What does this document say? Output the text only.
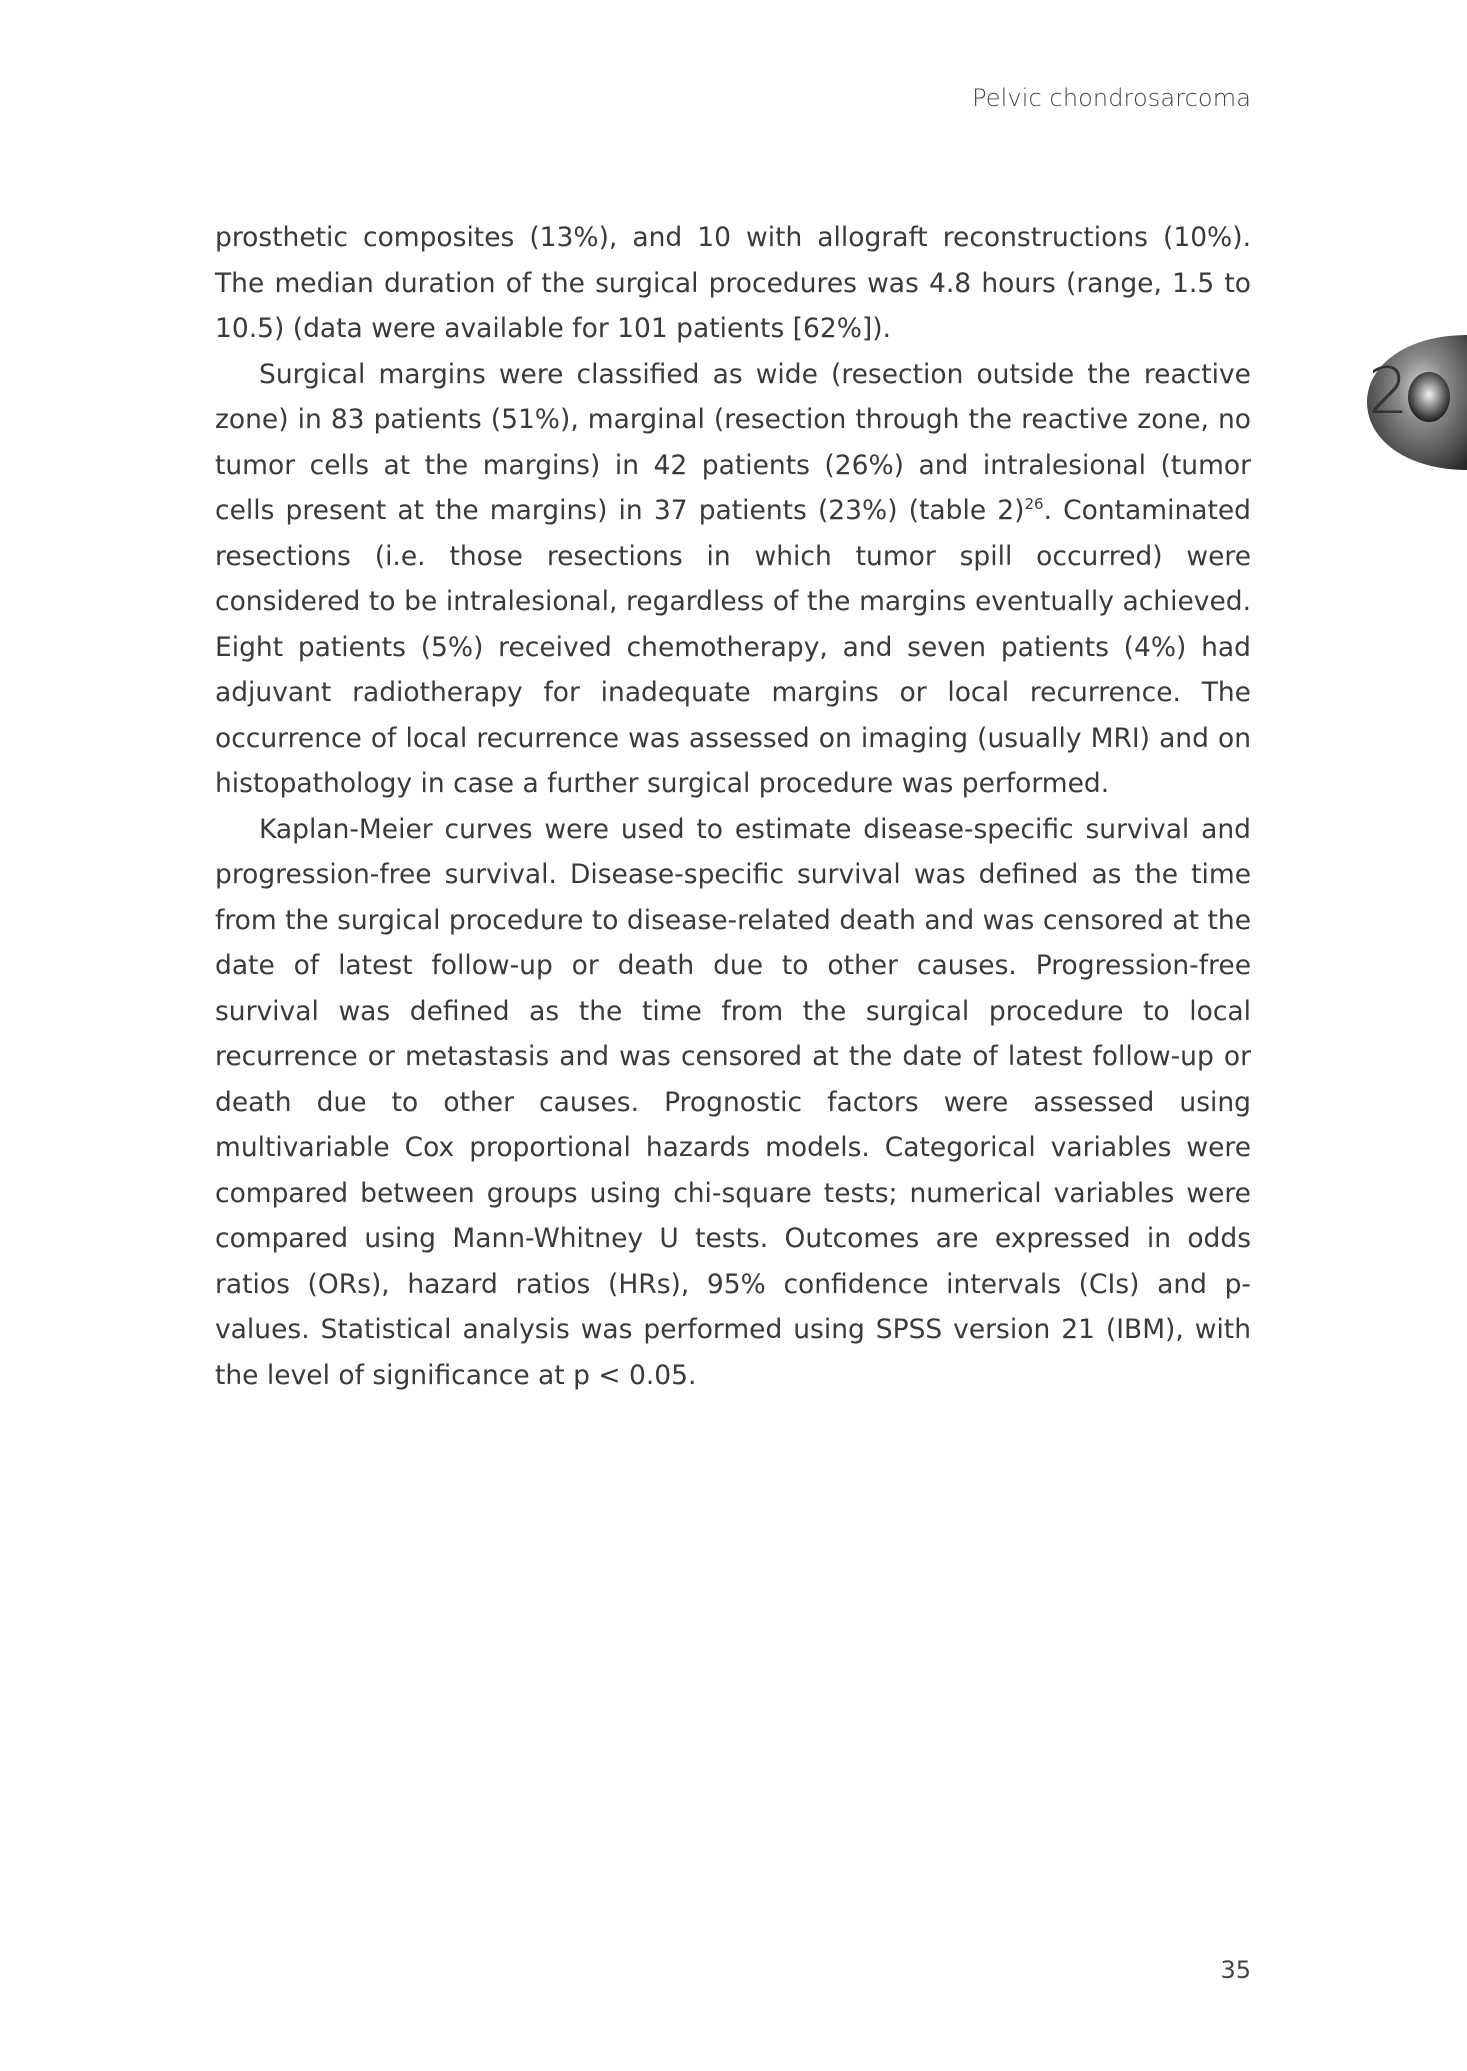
Pelvic chondrosarcoma
2

prosthetic composites (13%), and 10 with allograft reconstructions (10%). The median duration of the surgical procedures was 4.8 hours (range, 1.5 to 10.5) (data were available for 101 patients [62%]).

Surgical margins were classified as wide (resection outside the reactive zone) in 83 patients (51%), marginal (resection through the reactive zone, no tumor cells at the margins) in 42 patients (26%) and intralesional (tumor cells present at the margins) in 37 patients (23%) (table 2)$^{26}$. Contaminated resections (i.e. those resections in which tumor spill occurred) were considered to be intralesional, regardless of the margins eventually achieved. Eight patients (5%) received chemotherapy, and seven patients (4%) had adjuvant radiotherapy for inadequate margins or local recurrence. The occurrence of local recurrence was assessed on imaging (usually MRI) and on histopathology in case a further surgical procedure was performed.

Kaplan-Meier curves were used to estimate disease-specific survival and progression-free survival. Disease-specific survival was defined as the time from the surgical procedure to disease-related death and was censored at the date of latest follow-up or death due to other causes. Progression-free survival was defined as the time from the surgical procedure to local recurrence or metastasis and was censored at the date of latest follow-up or death due to other causes. Prognostic factors were assessed using multivariable Cox proportional hazards models. Categorical variables were compared between groups using chi-square tests; numerical variables were compared using Mann-Whitney U tests. Outcomes are expressed in odds ratios (ORs), hazard ratios (HRs), 95% confidence intervals (CIs) and p-values. Statistical analysis was performed using SPSS version 21 (IBM), with the level of significance at p < 0.05.

35
